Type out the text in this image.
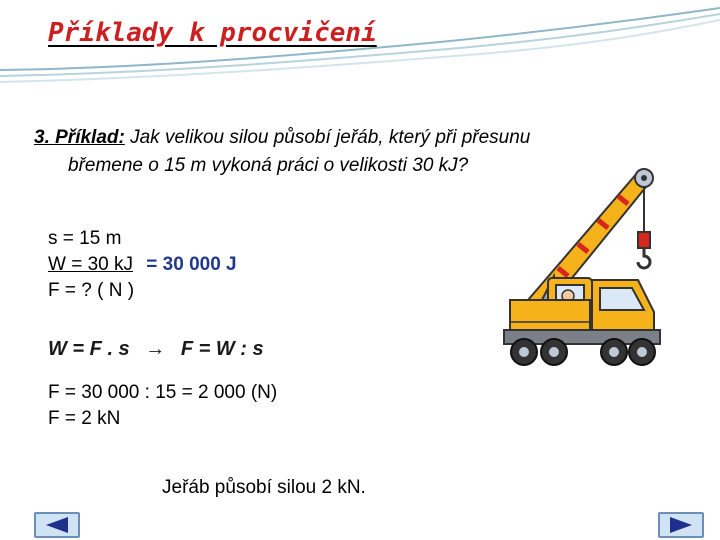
Příklady k procvičení
3. Příklad: Jak velikou silou působí jeřáb, který při přesunu
břemene o 15 m vykoná práci o velikosti 30 kJ?
s = 15 m
W = 30 kJ = 30 000 J
F = ? ( N )
W = F . s → F = W : s
F = 30 000 : 15 = 2 000 (N)
F = 2 kN
Jeřáb působí silou 2 kN.
